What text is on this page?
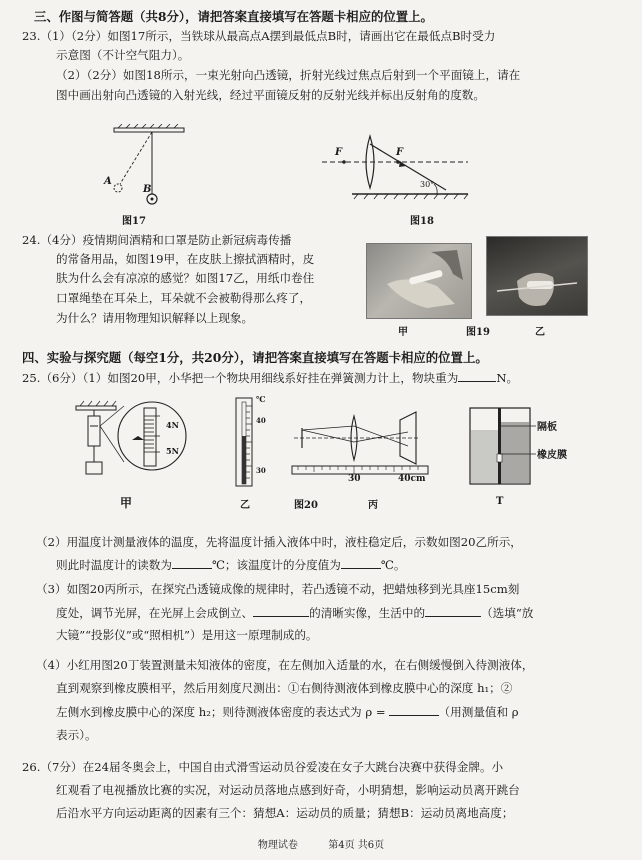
三、作图与简答题（共8分），请把答案直接填写在答题卡相应的位置上。
23.（1）（2分）如图17所示，当铁球从最高点A摆到最低点B时，请画出它在最低点B时受力
示意图（不计空气阻力）。
（2）（2分）如图18所示，一束光射向凸透镜，折射光线过焦点后射到一个平面镜上，请在
图中画出射向凸透镜的入射光线，经过平面镜反射的反射光线并标出反射角的度数。
A
B
图17
F	F
30°
图18
24.（4分）疫情期间酒精和口罩是防止新冠病毒传播
的常备用品，如图19甲，在皮肤上擦拭酒精时，皮
肤为什么会有凉凉的感觉？如图17乙，用纸巾卷住
口罩绳垫在耳朵上，耳朵就不会被勒得那么疼了，
为什么？请用物理知识解释以上现象。
甲	图19	乙
四、实验与探究题（每空1分，共20分），请把答案直接填写在答题卡相应的位置上。
25.（6分）（1）如图20甲，小华把一个物块用细线系好挂在弹簧测力计上，物块重为	N。
4N
5N
℃
40
30
30	40cm
隔板
橡皮膜
甲	乙	图20	丙	T
（2）用温度计测量液体的温度，先将温度计插入液体中时，液柱稳定后，示数如图20乙所示，
则此时温度计的读数为	℃；该温度计的分度值为	℃。
（3）如图20丙所示，在探究凸透镜成像的规律时，若凸透镜不动，把蜡烛移到光具座15cm刻
度处，调节光屏，在光屏上会成倒立、	的清晰实像，生活中的	（选填“放
大镜”“投影仪”或“照相机”）是用这一原理制成的。
（4）小红用图20丁装置测量未知液体的密度，在左侧加入适量的水，在右侧缓慢倒入待测液体，
直到观察到橡皮膜相平，然后用刻度尺测出：①右侧待测液体到橡皮膜中心的深度 h₁；②
左侧水到橡皮膜中心的深度 h₂；则待测液体密度的表达式为 ρ =	（用测量值和 ρ
表示）。
26.（7分）在24届冬奥会上，中国自由式滑雪运动员谷爱凌在女子大跳台决赛中获得金牌。小
红观看了电视播放比赛的实况，对运动员落地点感到好奇，小明猜想，影响运动员离开跳台
后沿水平方向运动距离的因素有三个：猜想A：运动员的质量；猜想B：运动员离地高度；
物理试卷	第4页 共6页
